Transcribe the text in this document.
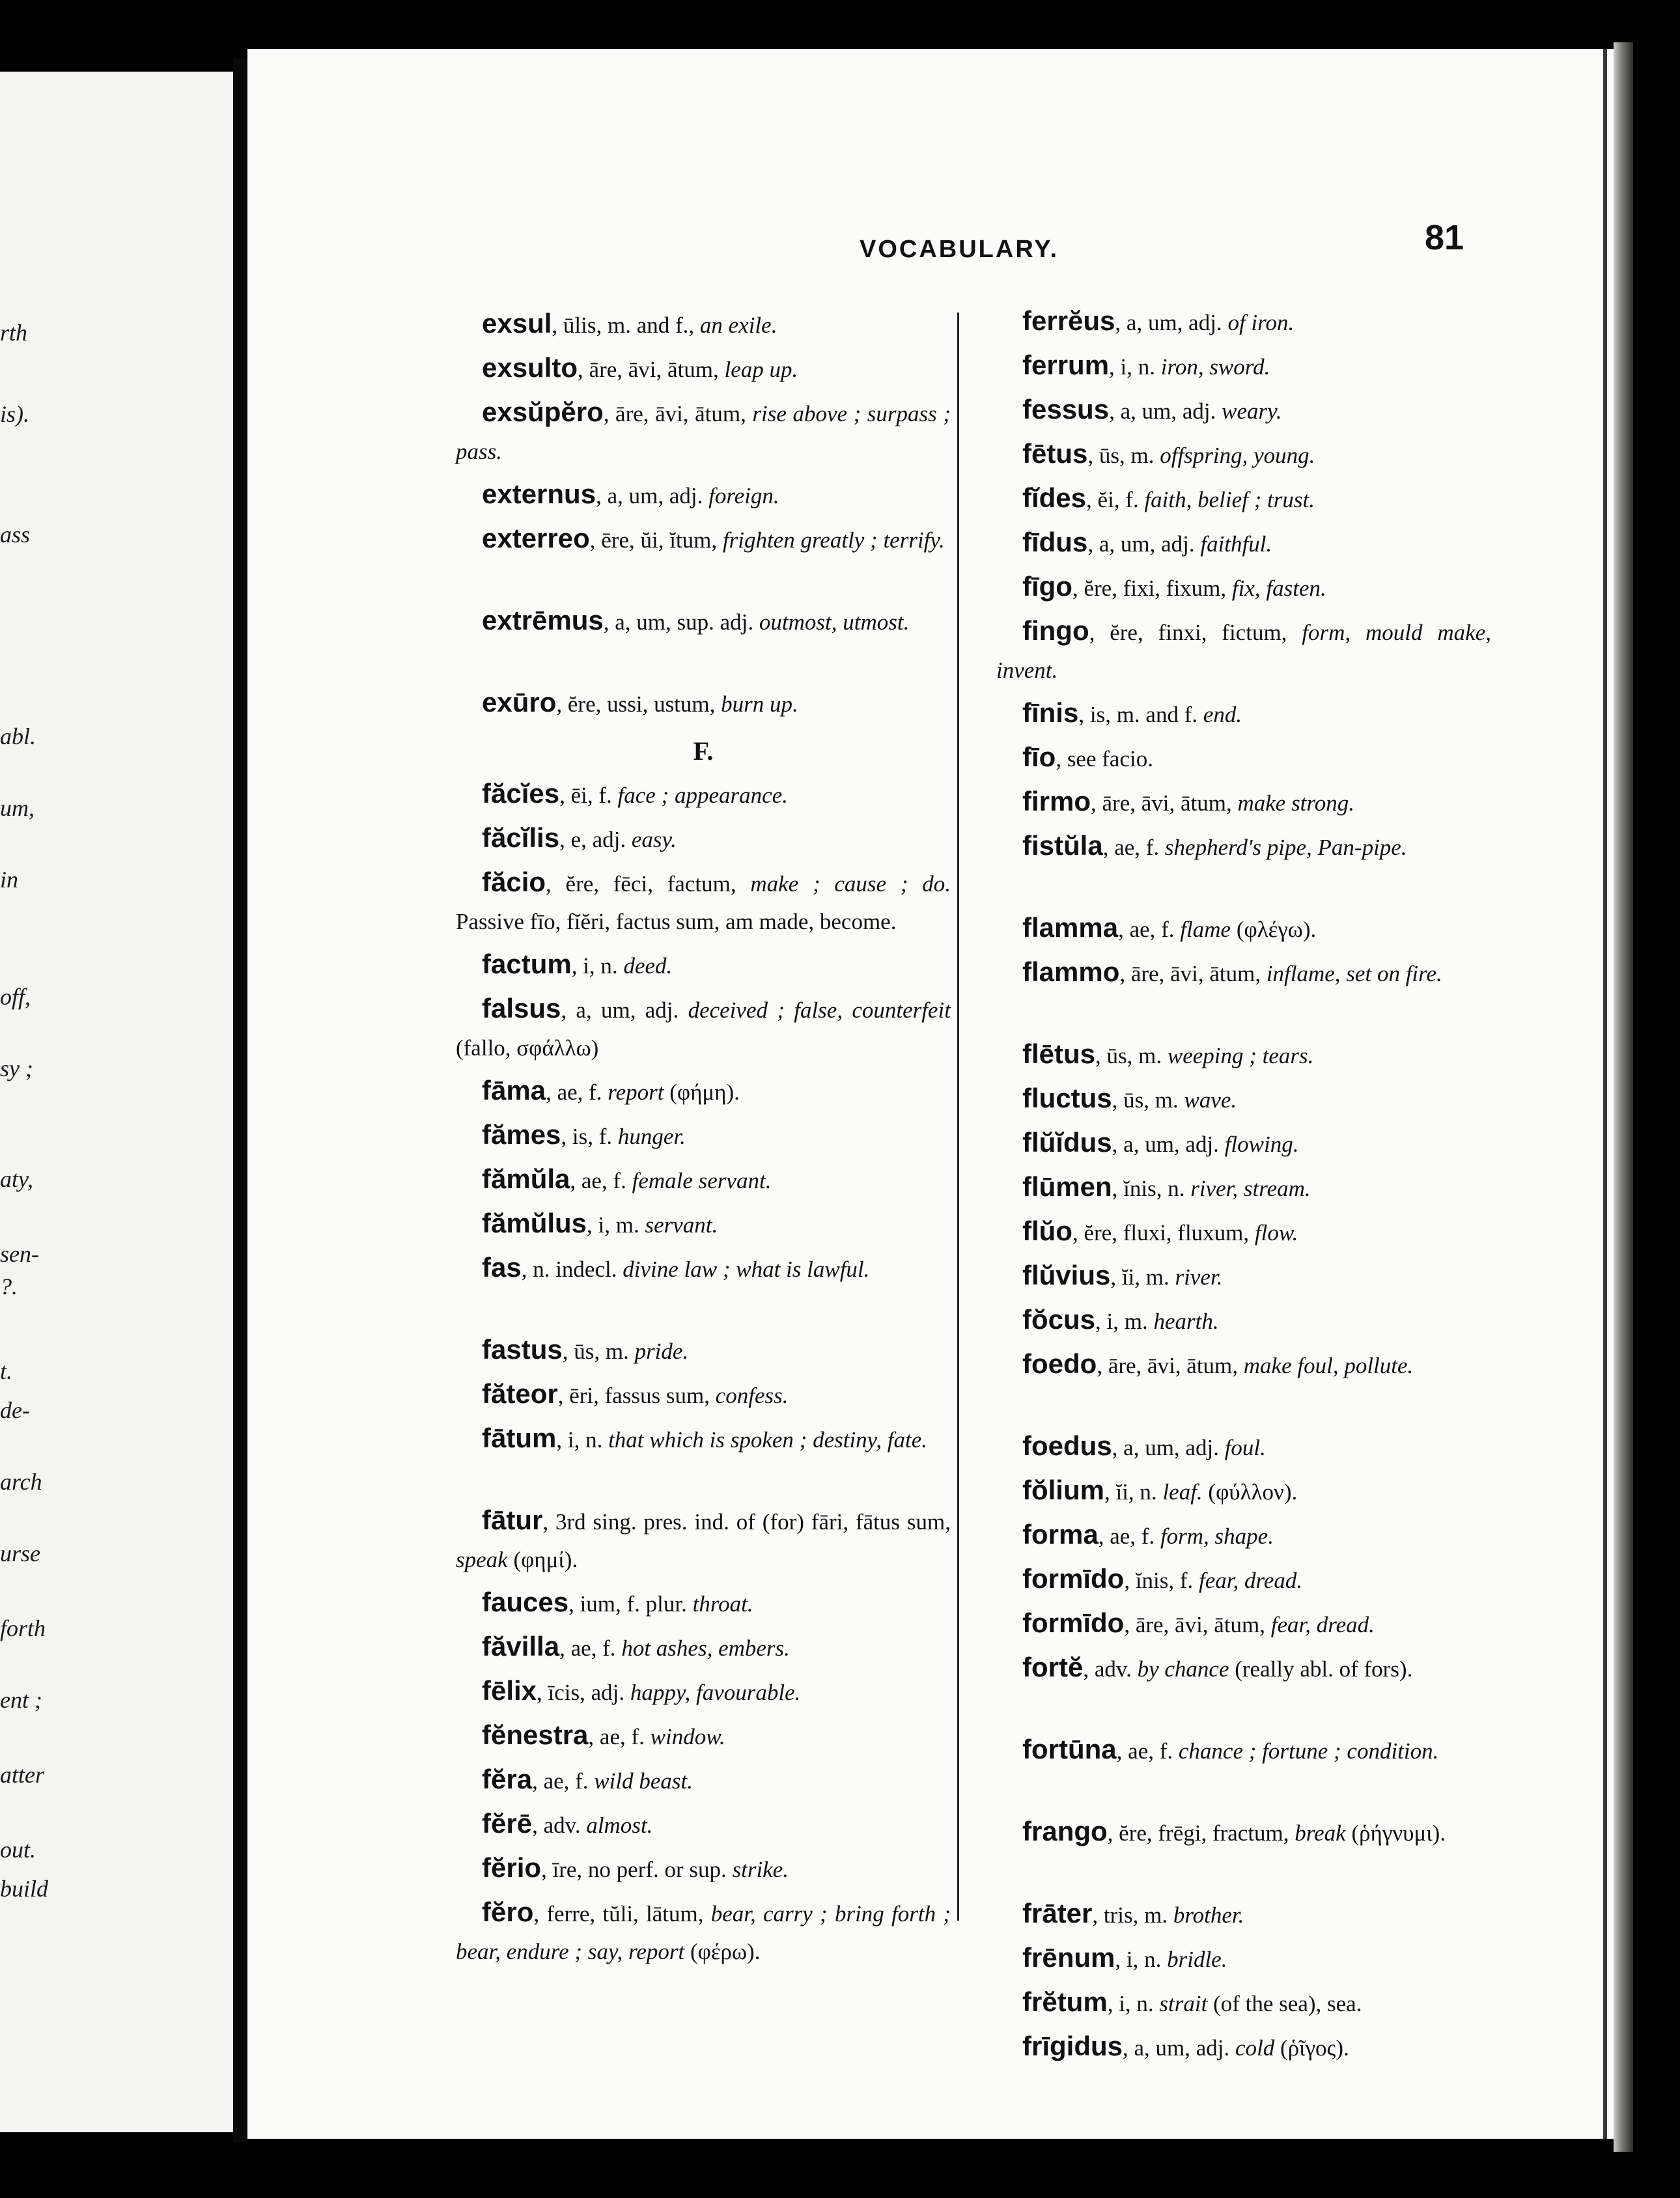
rth
is).
ass
abl.
um,
in
off,
sy ;
aty,
sen-
?.
t.
de-
arch
urse
forth
ent ;
atter
out.
build
VOCABULARY.	81

exsul, ūlis, m. and f., an exile.

exsulto, āre, āvi, ātum, leap up.

exsŭpĕro, āre, āvi, ātum, rise above ; surpass ; pass.

externus, a, um, adj. foreign.

exterreo, ēre, ŭi, ĭtum, frighten greatly ; terrify.

extrēmus, a, um, sup. adj. outmost, utmost.

exūro, ĕre, ussi, ustum, burn up.

F.

făcĭes, ēi, f. face ; appearance.

făcĭlis, e, adj. easy.

făcio, ĕre, fēci, factum, make ; cause ; do. Passive fīo, fĭĕri, factus sum, am made, become.

factum, i, n. deed.

falsus, a, um, adj. deceived ; false, counterfeit (fallo, σφάλλω)

fāma, ae, f. report (φήμη).

fămes, is, f. hunger.

fămŭla, ae, f. female servant.

fămŭlus, i, m. servant.

fas, n. indecl. divine law ; what is lawful.

fastus, ūs, m. pride.

făteor, ēri, fassus sum, confess.

fātum, i, n. that which is spoken ; destiny, fate.

fātur, 3rd sing. pres. ind. of (for) fāri, fātus sum, speak (φημί).

fauces, ium, f. plur. throat.

făvilla, ae, f. hot ashes, embers.

fēlix, īcis, adj. happy, favourable.

fĕnestra, ae, f. window.

fĕra, ae, f. wild beast.

fĕrē, adv. almost.

fĕrio, īre, no perf. or sup. strike.

fĕro, ferre, tŭli, lātum, bear, carry ; bring forth ; bear, endure ; say, report (φέρω).

ferrĕus, a, um, adj. of iron.

ferrum, i, n. iron, sword.

fessus, a, um, adj. weary.

fētus, ūs, m. offspring, young.

fĭdes, ĕi, f. faith, belief ; trust.

fīdus, a, um, adj. faithful.

fīgo, ĕre, fixi, fixum, fix, fasten.

fingo, ĕre, finxi, fictum, form, mould make, invent.

fīnis, is, m. and f. end.

fīo, see facio.

firmo, āre, āvi, ātum, make strong.

fistŭla, ae, f. shepherd's pipe, Pan-pipe.

flamma, ae, f. flame (φλέγω).

flammo, āre, āvi, ātum, inflame, set on fire.

flētus, ūs, m. weeping ; tears.

fluctus, ūs, m. wave.

flŭĭdus, a, um, adj. flowing.

flūmen, ĭnis, n. river, stream.

flŭo, ĕre, fluxi, fluxum, flow.

flŭvius, ĭi, m. river.

fŏcus, i, m. hearth.

foedo, āre, āvi, ātum, make foul, pollute.

foedus, a, um, adj. foul.

fŏlium, ĭi, n. leaf. (φύλλον).

forma, ae, f. form, shape.

formīdo, ĭnis, f. fear, dread.

formīdo, āre, āvi, ātum, fear, dread.

fortĕ, adv. by chance (really abl. of fors).

fortūna, ae, f. chance ; fortune ; condition.

frango, ĕre, frēgi, fractum, break (ῥήγνυμι).

frāter, tris, m. brother.

frēnum, i, n. bridle.

frĕtum, i, n. strait (of the sea), sea.

frīgidus, a, um, adj. cold (ῥῖγος).
